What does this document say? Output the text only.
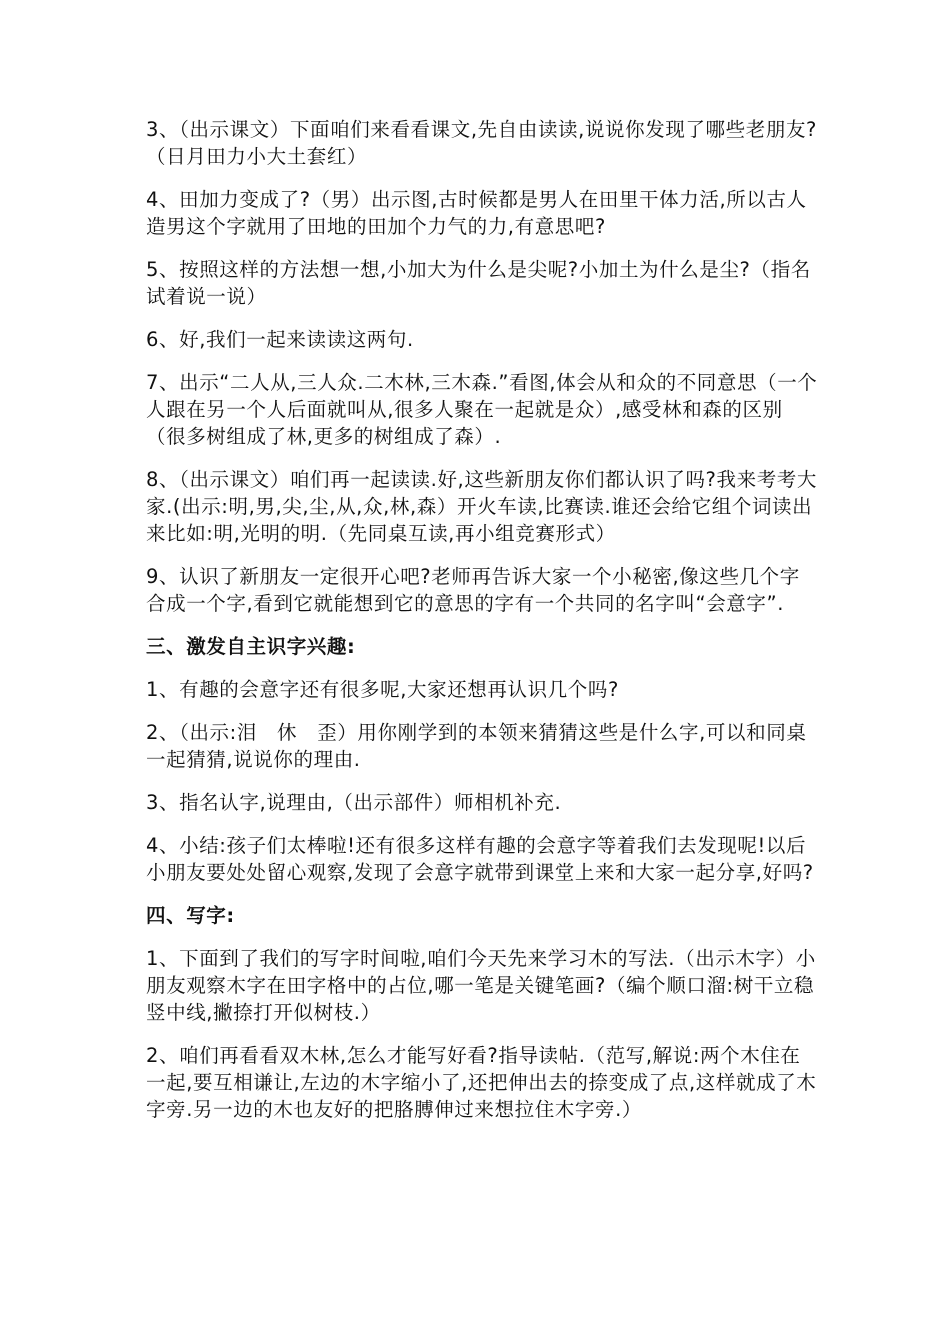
3、（出示课文）下面咱们来看看课文,先自由读读,说说你发现了哪些老朋友?（日月田力小大土套红）

4、田加力变成了?（男）出示图,古时候都是男人在田里干体力活,所以古人造男这个字就用了田地的田加个力气的力,有意思吧?

5、按照这样的方法想一想,小加大为什么是尖呢?小加土为什么是尘?（指名试着说一说）

6、好,我们一起来读读这两句.

7、出示“二人从,三人众.二木林,三木森.”看图,体会从和众的不同意思（一个人跟在另一个人后面就叫从,很多人聚在一起就是众）,感受林和森的区别（很多树组成了林,更多的树组成了森）.

8、（出示课文）咱们再一起读读.好,这些新朋友你们都认识了吗?我来考考大家.(出示:明,男,尖,尘,从,众,林,森）开火车读,比赛读.谁还会给它组个词读出来比如:明,光明的明.（先同桌互读,再小组竞赛形式）

9、认识了新朋友一定很开心吧?老师再告诉大家一个小秘密,像这些几个字合成一个字,看到它就能想到它的意思的字有一个共同的名字叫“会意字”.

三、激发自主识字兴趣:

1、有趣的会意字还有很多呢,大家还想再认识几个吗?

2、（出示:泪　休　歪）用你刚学到的本领来猜猜这些是什么字,可以和同桌一起猜猜,说说你的理由.

3、指名认字,说理由,（出示部件）师相机补充.

4、小结:孩子们太棒啦!还有很多这样有趣的会意字等着我们去发现呢!以后小朋友要处处留心观察,发现了会意字就带到课堂上来和大家一起分享,好吗?

四、写字:

1、下面到了我们的写字时间啦,咱们今天先来学习木的写法.（出示木字）小朋友观察木字在田字格中的占位,哪一笔是关键笔画?（编个顺口溜:树干立稳竖中线,撇捺打开似树枝.）

2、咱们再看看双木林,怎么才能写好看?指导读帖.（范写,解说:两个木住在一起,要互相谦让,左边的木字缩小了,还把伸出去的捺变成了点,这样就成了木字旁.另一边的木也友好的把胳膊伸过来想拉住木字旁.）
